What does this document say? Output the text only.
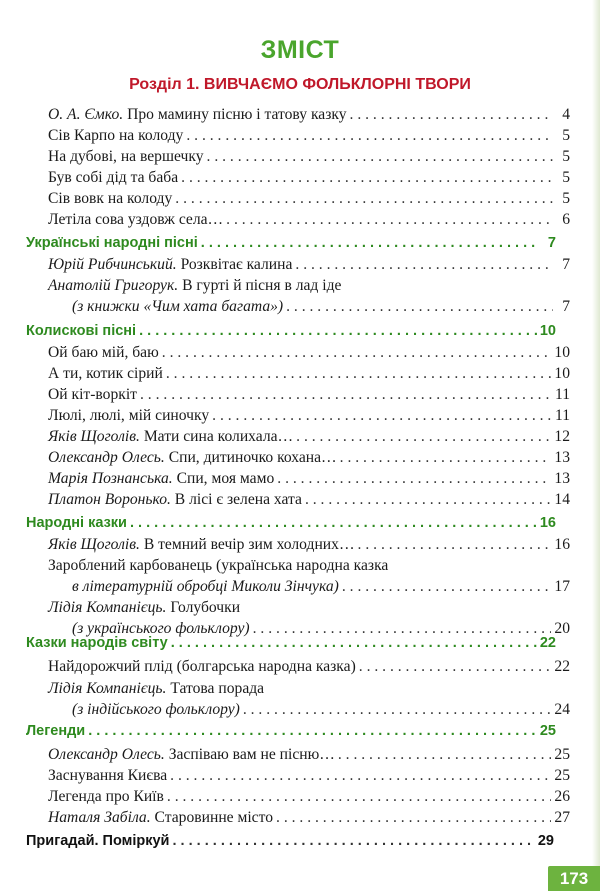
ЗМІСТ
Розділ 1. ВИВЧАЄМО ФОЛЬКЛОРНІ ТВОРИ
О. А. Ємко. Про мамину пісню і татову казку . . .	4
Сів Карпо на колоду . . .	5
На дубові, на вершечку . . .	5
Був собі дід та баба . . .	5
Сів вовк на колоду . . .	5
Летіла сова уздовж села… . . .	6
Українські народні пісні . . .	7
Юрій Рибчинський. Розквітає калина . . .	7
Анатолій Григорук. В гурті й пісня в лад іде
(з книжки «Чим хата багата») . . .	7
Колискові пісні . . .	10
Ой баю мій, баю . . .	10
А ти, котик сірий . . .	10
Ой кіт-воркіт . . .	11
Люлі, люлі, мій синочку . . .	11
Яків Щоголів. Мати сина колихала… . . .	12
Олександр Олесь. Спи, дитиночко кохана… . . .	13
Марія Познанська. Спи, моя мамо . . .	13
Платон Воронько. В лісі є зелена хата . . .	14
Народні казки . . .	16
Яків Щоголів. В темний вечір зим холодних… . . .	16
Зароблений карбованець (українська народна казка
в літературній обробці Миколи Зінчука) . . .	17
Лідія Компанієць. Голубочки
(з українського фольклору) . . .	20
Казки народів світу . . .	22
Найдорожчий плід (болгарська народна казка) . . .	22
Лідія Компанієць. Татова порада
(з індійського фольклору) . . .	24
Легенди . . .	25
Олександр Олесь. Заспіваю вам не пісню… . . .	25
Заснування Києва . . .	25
Легенда про Київ . . .	26
Наталя Забіла. Старовинне місто . . .	27
Пригадай. Поміркуй . . .	29
173
